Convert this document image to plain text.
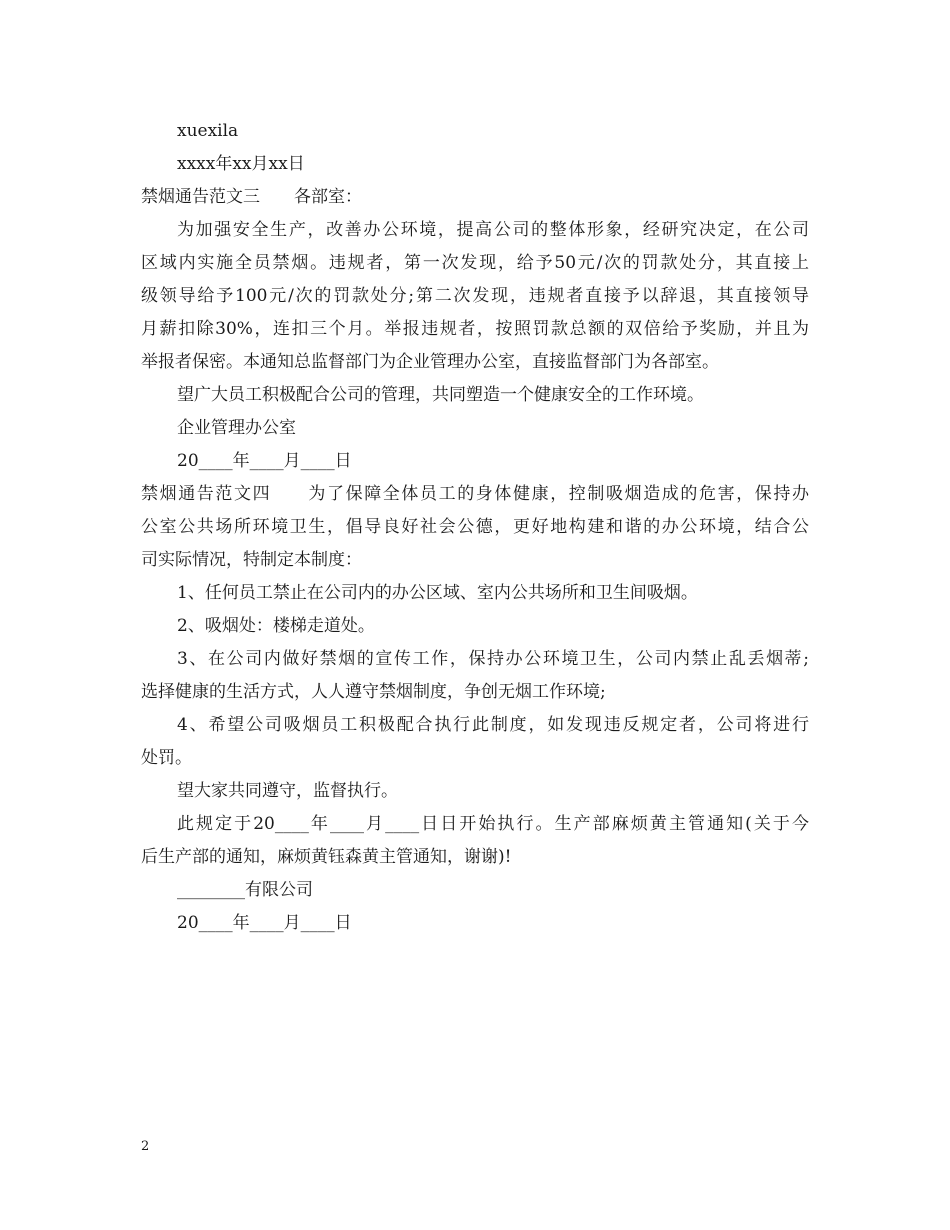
xuexila
xxxx年xx月xx日
禁烟通告范文三　　各部室：
为加强安全生产，改善办公环境，提高公司的整体形象，经研究决定，在公司
区域内实施全员禁烟。违规者，第一次发现，给予50元/次的罚款处分，其直接上
级领导给予100元/次的罚款处分;第二次发现，违规者直接予以辞退，其直接领导
月薪扣除30%，连扣三个月。举报违规者，按照罚款总额的双倍给予奖励，并且为
举报者保密。本通知总监督部门为企业管理办公室，直接监督部门为各部室。
望广大员工积极配合公司的管理，共同塑造一个健康安全的工作环境。
企业管理办公室
20____年____月____日
禁烟通告范文四　　为了保障全体员工的身体健康，控制吸烟造成的危害，保持办
公室公共场所环境卫生，倡导良好社会公德，更好地构建和谐的办公环境，结合公
司实际情况，特制定本制度：
1、任何员工禁止在公司内的办公区域、室内公共场所和卫生间吸烟。
2、吸烟处：楼梯走道处。
3、在公司内做好禁烟的宣传工作，保持办公环境卫生，公司内禁止乱丢烟蒂;
选择健康的生活方式，人人遵守禁烟制度，争创无烟工作环境;
4、希望公司吸烟员工积极配合执行此制度，如发现违反规定者，公司将进行
处罚。
望大家共同遵守，监督执行。
此规定于20____年____月____日日开始执行。生产部麻烦黄主管通知(关于今
后生产部的通知，麻烦黄钰森黄主管通知，谢谢)!
________有限公司
20____年____月____日
2
